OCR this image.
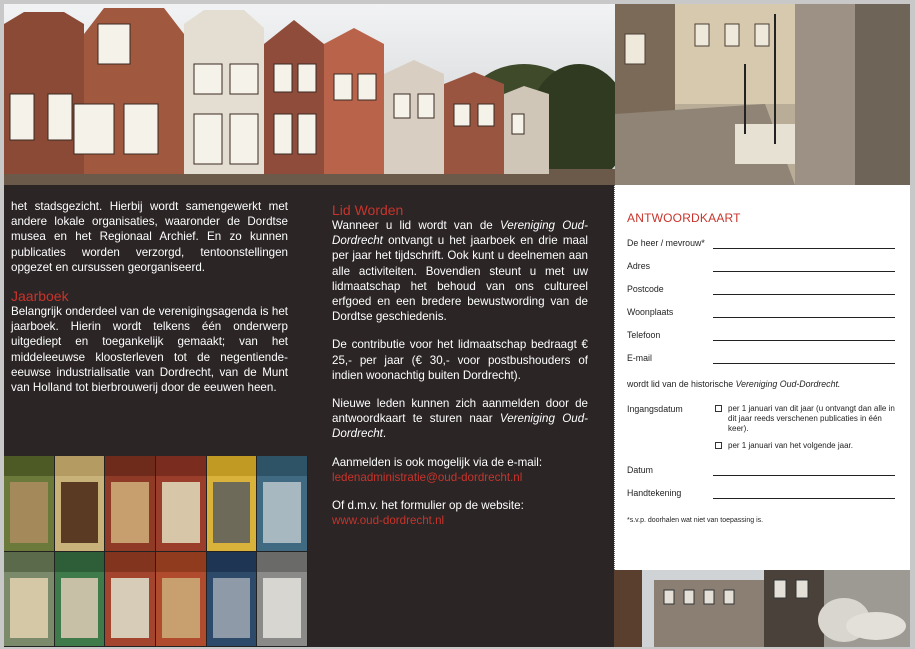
het stadsgezicht. Hierbij wordt samengewerkt met andere lokale organisaties, waaronder de Dordtse musea en het Regionaal Archief. En zo kunnen publicaties worden verzorgd, tentoonstellingen opgezet en cursussen georganiseerd.

Jaarboek

Belangrijk onderdeel van de verenigingsagenda is het jaarboek. Hierin wordt telkens één onderwerp uitgediept en toegankelijk gemaakt; van het middeleeuwse kloosterleven tot de negentiende-eeuwse industrialisatie van Dordrecht, van de Munt van Holland tot bierbrouwerij door de eeuwen heen.

Lid Worden

Wanneer u lid wordt van de Vereniging Oud-Dordrecht ontvangt u het jaarboek en drie maal per jaar het tijdschrift. Ook kunt u deelnemen aan alle activiteiten. Bovendien steunt u met uw lidmaatschap het behoud van ons cultureel erfgoed en een bredere bewustwording van de Dordtse geschiedenis.

De contributie voor het lidmaatschap bedraagt € 25,- per jaar (€ 30,- voor postbushouders of indien woonachtig buiten Dordrecht).

Nieuwe leden kunnen zich aanmelden door de antwoordkaart te sturen naar Vereniging Oud-Dordrecht.

Aanmelden is ook mogelijk via de e-mail:
ledenadministratie@oud-dordrecht.nl

Of d.m.v. het formulier op de website:
www.oud-dordrecht.nl

ANTWOORDKAART
De heer / mevrouw*
Adres
Postcode
Woonplaats
Telefoon
E-mail
wordt lid van de historische Vereniging Oud-Dordrecht.
Ingangsdatum	per 1 januari van dit jaar (u ontvangt dan alle in dit jaar reeds verschenen publicaties in één keer).
per 1 januari van het volgende jaar.
Datum
Handtekening
*s.v.p. doorhalen wat niet van toepassing is.
